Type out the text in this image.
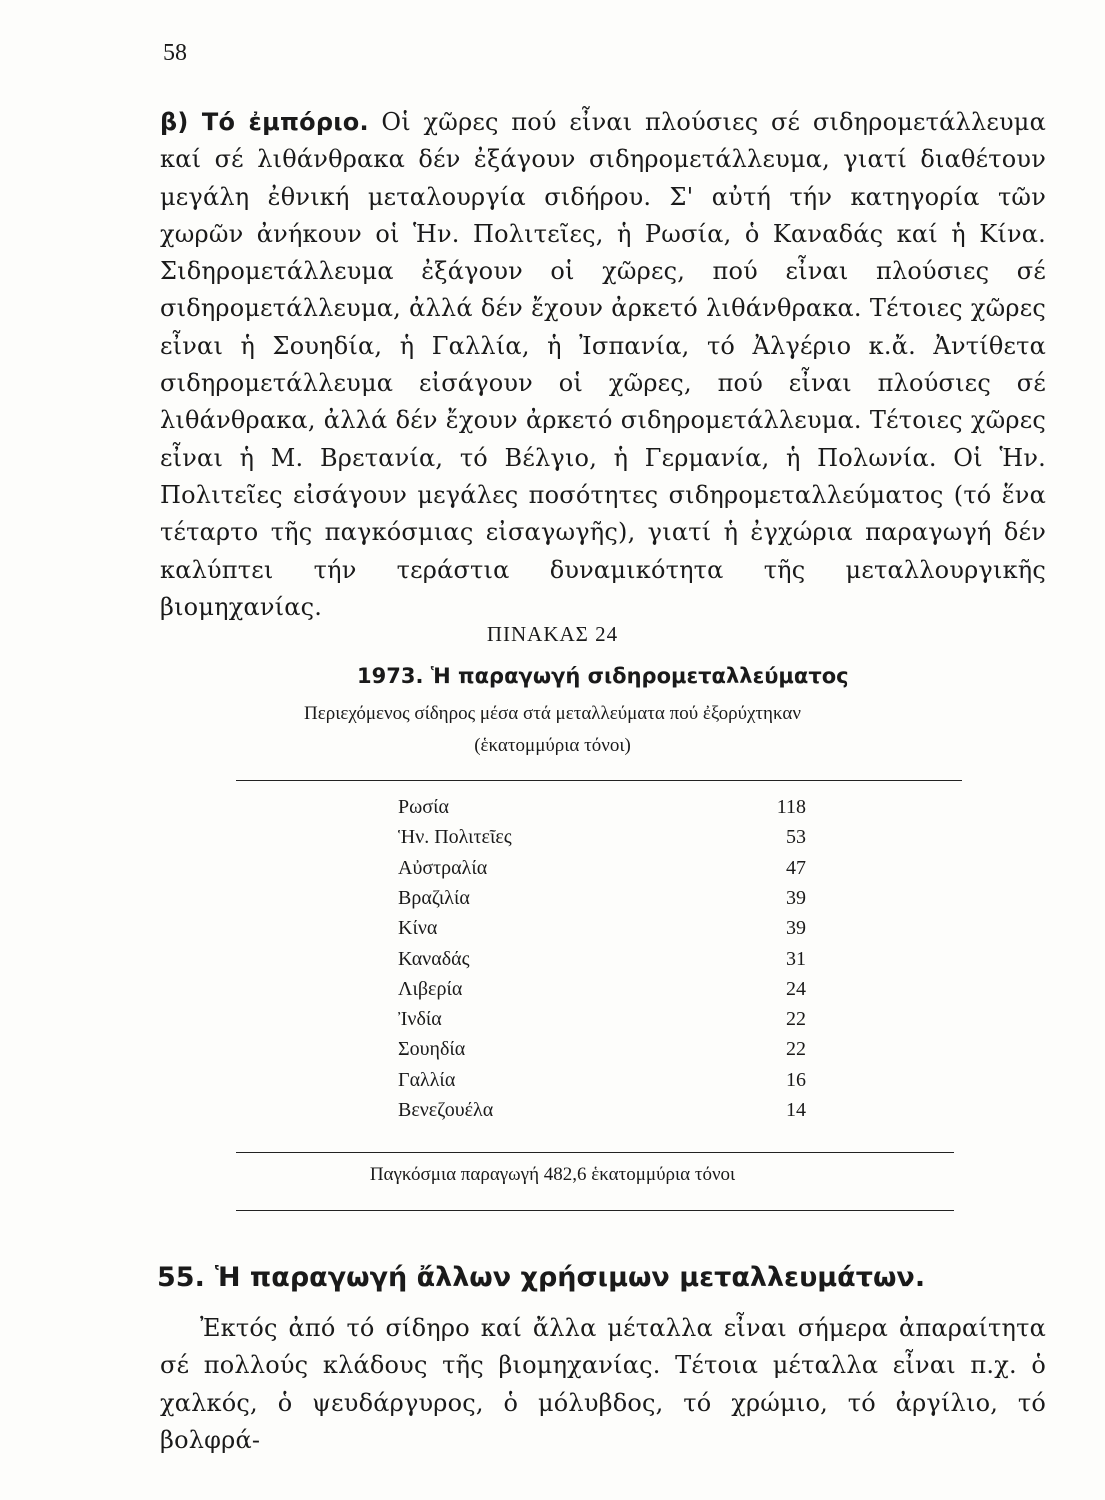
58
β) Τό ἐμπόριο. Οἱ χῶρες πού εἶναι πλούσιες σέ σιδηρομετάλλευμα καί σέ λιθάνθρακα δέν ἐξάγουν σιδηρομετάλλευμα, γιατί διαθέτουν μεγάλη ἐθνική μεταλουργία σιδήρου. Σ' αὐτή τήν κατηγορία τῶν χωρῶν ἀνήκουν οἱ Ἡν. Πολιτεῖες, ἡ Ρωσία, ὁ Καναδάς καί ἡ Κίνα. Σιδηρομετάλλευμα ἐξάγουν οἱ χῶρες, πού εἶναι πλούσιες σέ σιδηρομετάλλευμα, ἀλλά δέν ἔχουν ἀρκετό λιθάνθρακα. Τέτοιες χῶρες εἶναι ἡ Σουηδία, ἡ Γαλλία, ἡ Ἰσπανία, τό Ἀλγέριο κ.ἄ. Ἀντίθετα σιδηρομετάλλευμα εἰσάγουν οἱ χῶρες, πού εἶναι πλούσιες σέ λιθάνθρακα, ἀλλά δέν ἔχουν ἀρκετό σιδηρομετάλλευμα. Τέτοιες χῶρες εἶναι ἡ Μ. Βρετανία, τό Βέλγιο, ἡ Γερμανία, ἡ Πολωνία. Οἱ Ἡν. Πολιτεῖες εἰσάγουν μεγάλες ποσότητες σιδηρομεταλλεύματος (τό ἕνα τέταρτο τῆς παγκόσμιας εἰσαγωγῆς), γιατί ἡ ἐγχώρια παραγωγή δέν καλύπτει τήν τεράστια δυναμικότητα τῆς μεταλλουργικῆς βιομηχανίας.
ΠΙΝΑΚΑΣ 24
1973. Ἡ παραγωγή σιδηρομεταλλεύματος
Περιεχόμενος σίδηρος μέσα στά μεταλλεύματα πού ἐξορύχτηκαν
(ἑκατομμύρια τόνοι)
Ρωσία	118
Ἡν. Πολιτεῖες	53
Αὐστραλία	47
Βραζιλία	39
Κίνα	39
Καναδάς	31
Λιβερία	24
Ἰνδία	22
Σουηδία	22
Γαλλία	16
Βενεζουέλα	14
Παγκόσμια παραγωγή 482,6 ἑκατομμύρια τόνοι
55. Ἡ παραγωγή ἄλλων χρήσιμων μεταλλευμάτων.
Ἐκτός ἀπό τό σίδηρο καί ἄλλα μέταλλα εἶναι σήμερα ἀπαραίτητα σέ πολλούς κλάδους τῆς βιομηχανίας. Τέτοια μέταλλα εἶναι π.χ. ὁ χαλκός, ὁ ψευδάργυρος, ὁ μόλυβδος, τό χρώμιο, τό ἀργίλιο, τό βολφρά-
